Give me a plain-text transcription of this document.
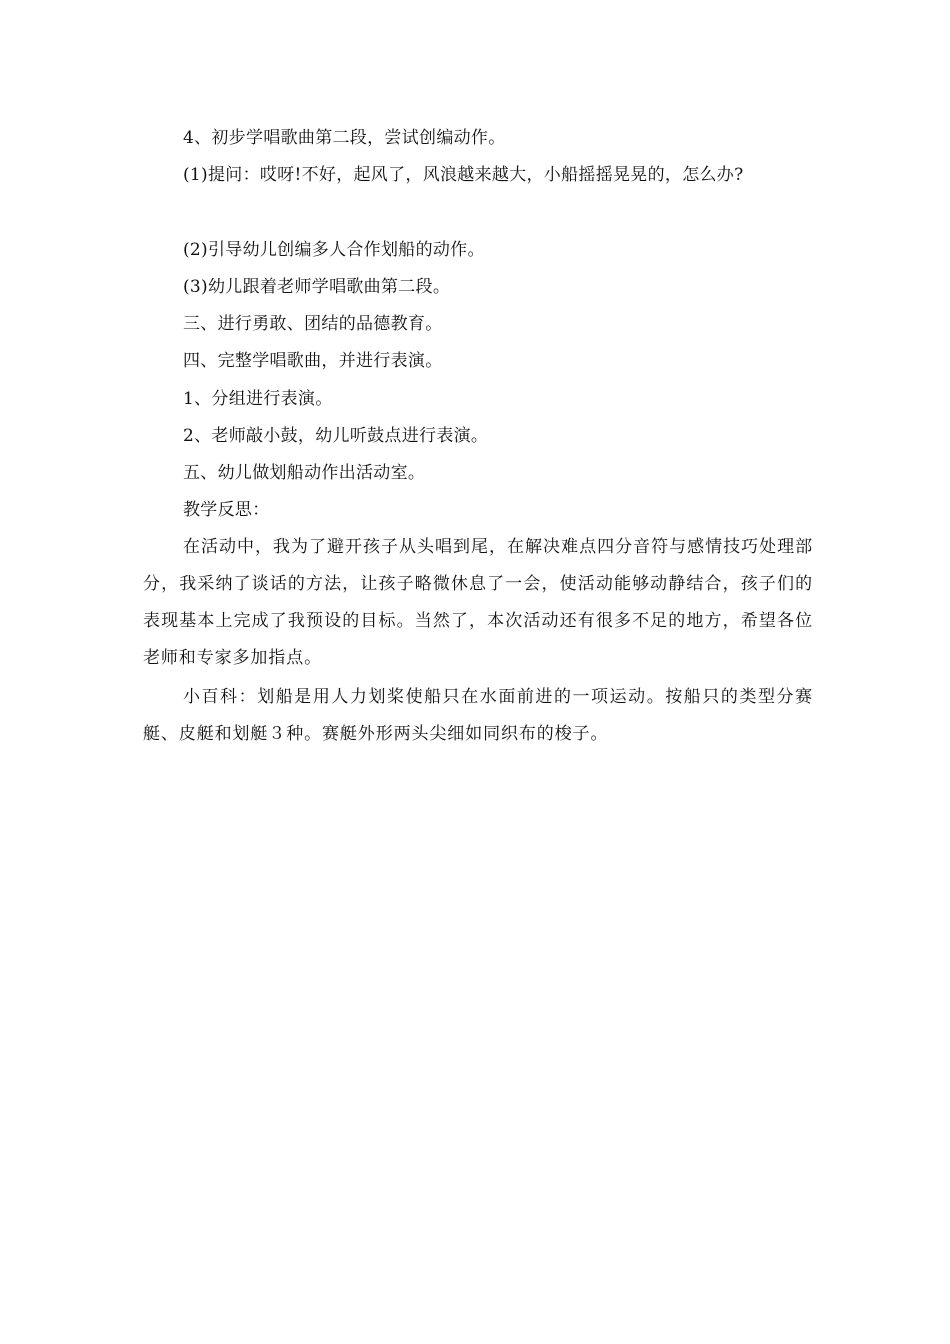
4、初步学唱歌曲第二段，尝试创编动作。
(1)提问：哎呀!不好，起风了，风浪越来越大，小船摇摇晃晃的，怎么办?
(2)引导幼儿创编多人合作划船的动作。
(3)幼儿跟着老师学唱歌曲第二段。
三、进行勇敢、团结的品德教育。
四、完整学唱歌曲，并进行表演。
1、分组进行表演。
2、老师敲小鼓，幼儿听鼓点进行表演。
五、幼儿做划船动作出活动室。
教学反思：
在活动中，我为了避开孩子从头唱到尾，在解决难点四分音符与感情技巧处理部分，我采纳了谈话的方法，让孩子略微休息了一会，使活动能够动静结合，孩子们的表现基本上完成了我预设的目标。当然了，本次活动还有很多不足的地方，希望各位老师和专家多加指点。
小百科：划船是用人力划桨使船只在水面前进的一项运动。按船只的类型分赛艇、皮艇和划艇３种。赛艇外形两头尖细如同织布的梭子。
